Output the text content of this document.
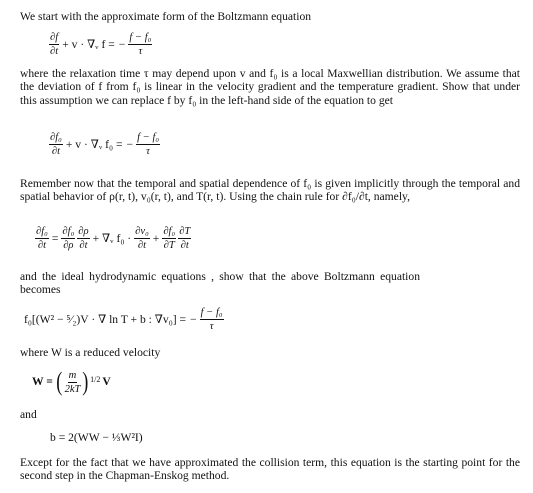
We start with the approximate form of the Boltzmann equation
$\frac{\partial f}{\partial t} + v$ · ∇ᵥ f = − $\frac{\text{f − f₀}}{\tau}$
where the relaxation time τ may depend upon v and f₀ is a local Maxwellian distribution. We assume that the deviation of f from f₀ is linear in the velocity gradient and the temperature gradient. Show that under this assumption we can replace f by f₀ in the left-hand side of the equation to get
$\frac{\text{∂f₀}}{\partial t} + v$ · ∇ᵥ f₀ = − $\frac{\text{f − f₀}}{\tau}$
Remember now that the temporal and spatial dependence of f₀ is given implicitly through the temporal and spatial behavior of ρ(r, t), v₀(r, t), and T(r, t). Using the chain rule for ∂f₀/∂t, namely,
$\frac{\text{∂f₀}}{\partial t} = \frac{\text{∂f₀}}{\partial\rho} \frac{\partial\rho}{\partial t}$ + ∇ᵥ $f_0 \cdot \frac{\text{∂v₀}}{\partial t} + \frac{\text{∂f₀}}{\partial T} \frac{\partial T}{\partial t}$
and the ideal hydrodynamic equations , show that the above Boltzmann equation becomes
f₀[(W² − ⁵⁄₂)V · ∇ ln T + b : ∇v₀] = − $\frac{\text{f − f₀}}{\tau}$
where W is a reduced velocity
W = ( $\frac{m}{2kT}$ ) 1/2 V
and
b = 2(WW − ⅓W²I)
Except for the fact that we have approximated the collision term, this equation is the starting point for the second step in the Chapman-Enskog method.
